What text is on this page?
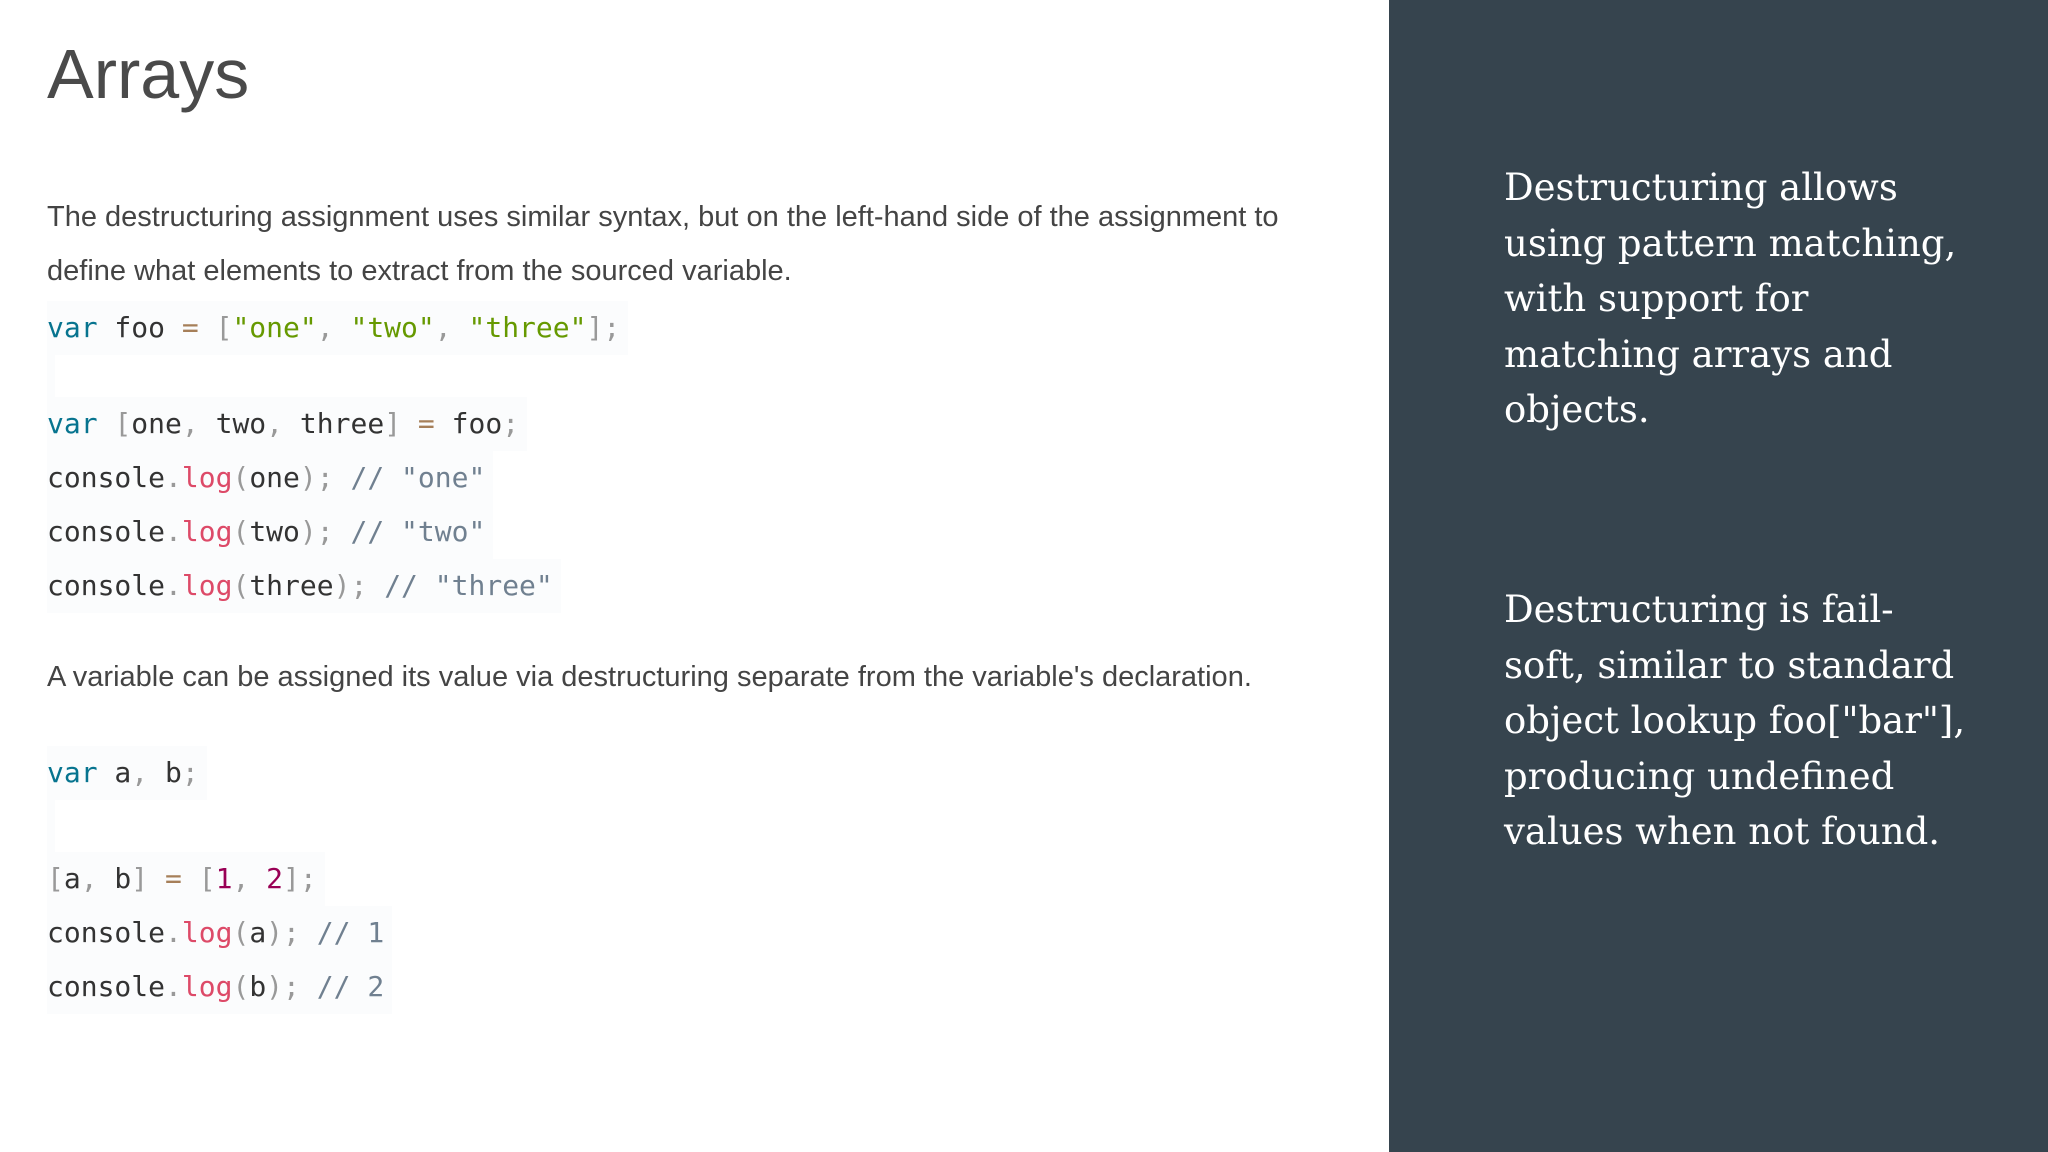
Arrays

The destructuring assignment uses similar syntax, but on the left-hand side of the assignment to define what elements to extract from the sourced variable.

var foo = ["one", "two", "three"];
var [one, two, three] = foo;
console.log(one); // "one"
console.log(two); // "two"
console.log(three); // "three"

A variable can be assigned its value via destructuring separate from the variable's declaration.

var a, b;
[a, b] = [1, 2];
console.log(a); // 1
console.log(b); // 2

Destructuring allows using pattern matching, with support for matching arrays and objects.

Destructuring is fail-soft, similar to standard object lookup foo["bar"], producing undefined values when not found.
